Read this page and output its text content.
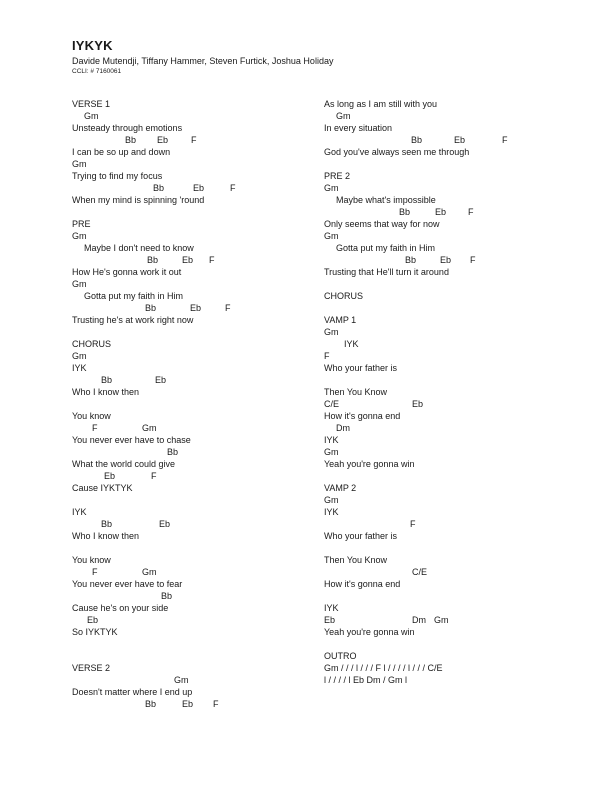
IYKYK
Davide Mutendji, Tiffany Hammer, Steven Furtick, Joshua Holiday
CCLI: # 7160061
VERSE 1
Gm
Unsteady through emotions
Bb Eb	F
I can be so up and down
Gm
Trying to find my focus
Bb	Eb	F
When my mind is spinning 'round
PRE
Gm
Maybe I don't need to know
Bb	Eb F
How He's gonna work it out
Gm
Gotta put my faith in Him
Bb	Eb	F
Trusting he's at work right now
CHORUS
Gm
IYK
Bb	Eb
Who I know then
You know
F	Gm
You never ever have to chase
Bb
What the world could give
Eb	F
Cause IYKTYK
IYK
Bb	Eb
Who I know then
You know
F	Gm
You never ever have to fear
Bb
Cause he's on your side
Eb
So IYKTYK
VERSE 2
Gm
Doesn't matter where I end up
Bb	Eb F
As long as I am still with you
Gm
In every situation
Bb	Eb	F
God you've always seen me through
PRE 2
Gm
Maybe what's impossible
Bb	Eb F
Only seems that way for now
Gm
Gotta put my faith in Him
Bb	Eb F
Trusting that He'll turn it around
CHORUS
VAMP 1
Gm
IYK
F
Who your father is
Then You Know
C/E	Eb
How it's gonna end
Dm
IYK
Gm
Yeah you're gonna win
VAMP 2
Gm
IYK
F
Who your father is
Then You Know
C/E
How it's gonna end
IYK
Eb	Dm Gm
Yeah you're gonna win
OUTRO
Gm / / / l / / / F l / / / / l / / / C/E
l / / / / l Eb Dm / Gm l
